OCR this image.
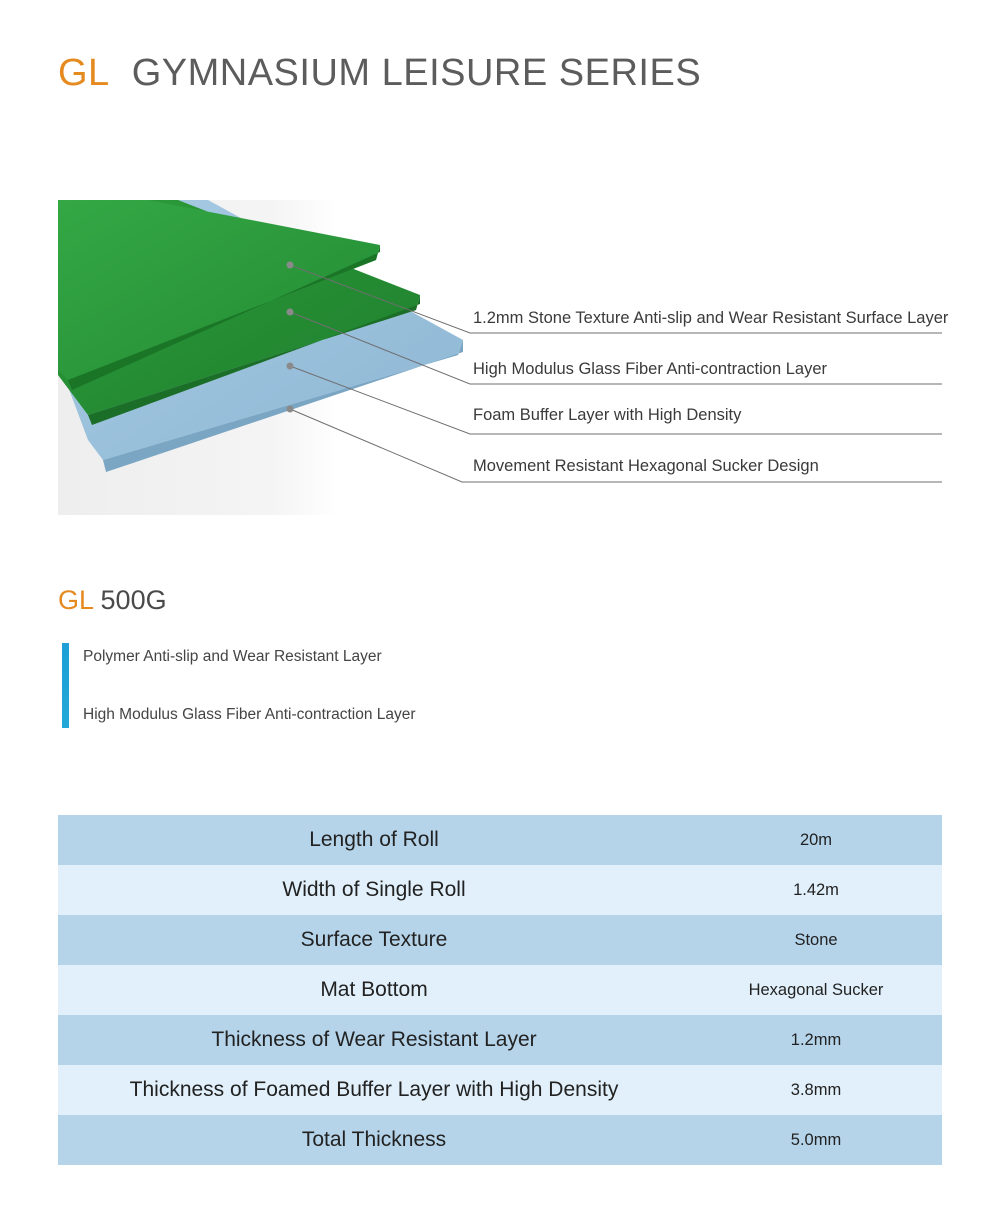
GL GYMNASIUM LEISURE SERIES
1.2mm Stone Texture Anti-slip and Wear Resistant Surface Layer
High Modulus Glass Fiber Anti-contraction Layer
Foam Buffer Layer with High Density
Movement Resistant Hexagonal Sucker Design
GL 500G
Polymer Anti-slip and Wear Resistant Layer
High Modulus Glass Fiber Anti-contraction Layer
Length of Roll	20m
Width of Single Roll	1.42m
Surface Texture	Stone
Mat Bottom	Hexagonal Sucker
Thickness of Wear Resistant Layer	1.2mm
Thickness of Foamed Buffer Layer with High Density	3.8mm
Total Thickness	5.0mm
